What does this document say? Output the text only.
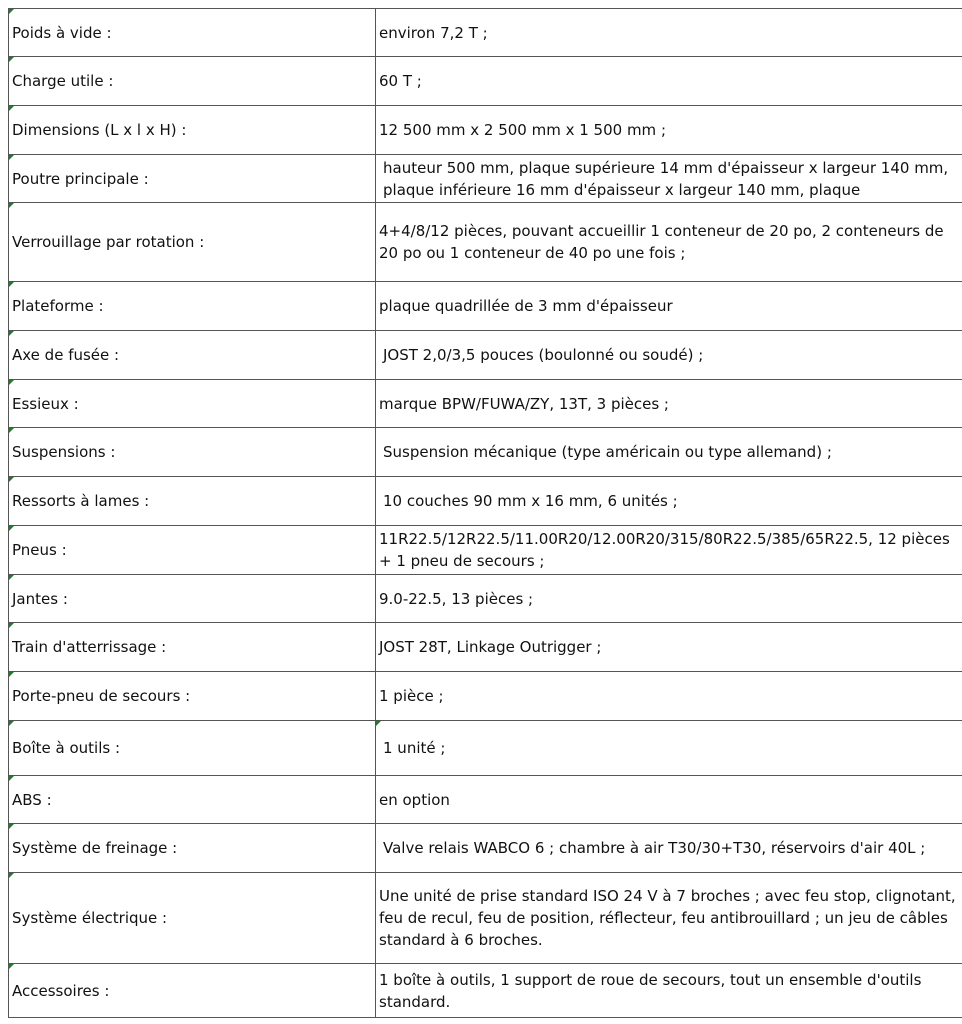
Poids à vide :	environ 7,2 T ;

Charge utile :	60 T ;

Dimensions (L x l x H) :	12 500 mm x 2 500 mm x 1 500 mm ;

Poutre principale :	hauteur 500 mm, plaque supérieure 14 mm d'épaisseur x largeur 140 mm, plaque inférieure 16 mm d'épaisseur x largeur 140 mm, plaque

Verrouillage par rotation :	4+4/8/12 pièces, pouvant accueillir 1 conteneur de 20 po, 2 conteneurs de 20 po ou 1 conteneur de 40 po une fois ;

Plateforme :	plaque quadrillée de 3 mm d'épaisseur

Axe de fusée :	JOST 2,0/3,5 pouces (boulonné ou soudé) ;

Essieux :	marque BPW/FUWA/ZY, 13T, 3 pièces ;

Suspensions :	Suspension mécanique (type américain ou type allemand) ;

Ressorts à lames :	10 couches 90 mm x 16 mm, 6 unités ;

Pneus :	11R22.5/12R22.5/11.00R20/12.00R20/315/80R22.5/385/65R22.5, 12 pièces + 1 pneu de secours ;

Jantes :	9.0-22.5, 13 pièces ;

Train d'atterrissage :	JOST 28T, Linkage Outrigger ;

Porte-pneu de secours :	1 pièce ;

Boîte à outils :	1 unité ;

ABS :	en option

Système de freinage :	Valve relais WABCO 6 ; chambre à air T30/30+T30, réservoirs d'air 40L ;

Système électrique :	Une unité de prise standard ISO 24 V à 7 broches ; avec feu stop, clignotant, feu de recul, feu de position, réflecteur, feu antibrouillard ; un jeu de câbles standard à 6 broches.

Accessoires :	1 boîte à outils, 1 support de roue de secours, tout un ensemble d'outils standard.
